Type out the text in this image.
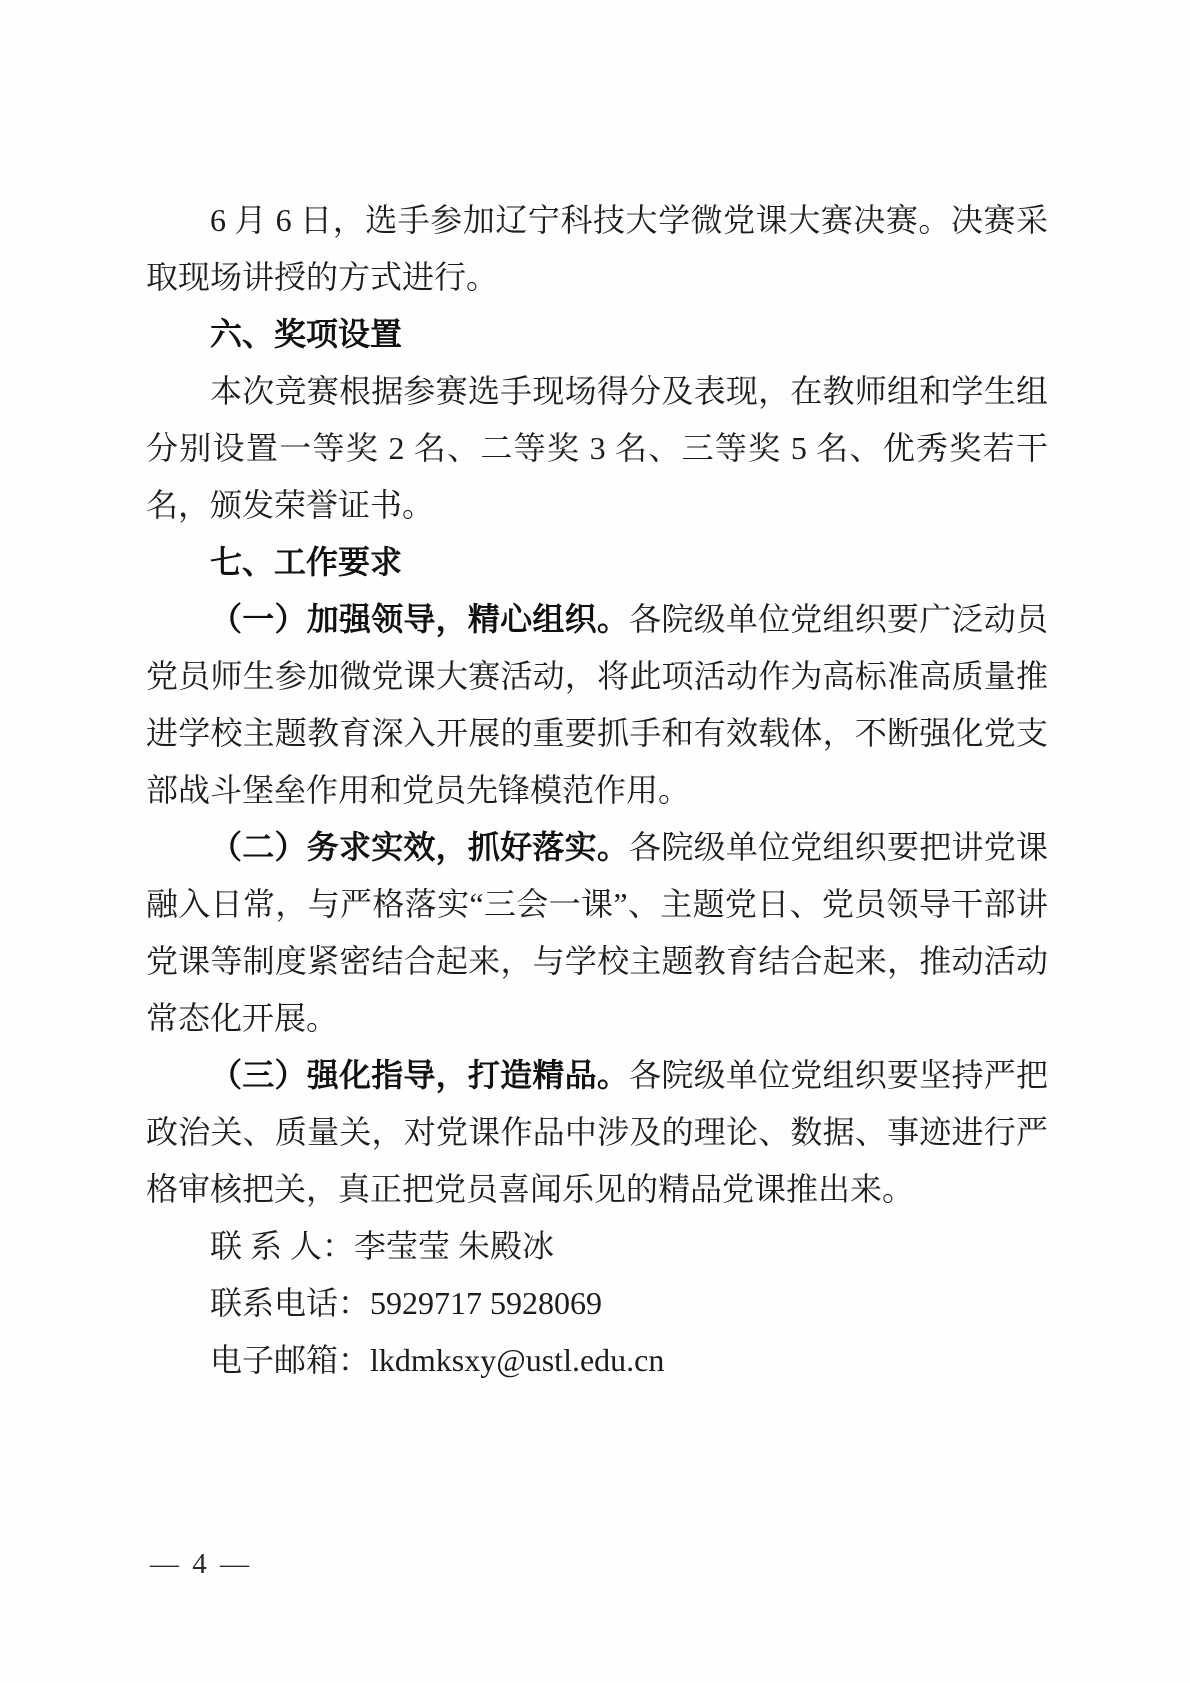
6 月 6 日，选手参加辽宁科技大学微党课大赛决赛。决赛采取现场讲授的方式进行。

六、奖项设置

本次竞赛根据参赛选手现场得分及表现，在教师组和学生组分别设置一等奖 2 名、二等奖 3 名、三等奖 5 名、优秀奖若干名，颁发荣誉证书。

七、工作要求

（一）加强领导，精心组织。各院级单位党组织要广泛动员党员师生参加微党课大赛活动，将此项活动作为高标准高质量推进学校主题教育深入开展的重要抓手和有效载体，不断强化党支部战斗堡垒作用和党员先锋模范作用。

（二）务求实效，抓好落实。各院级单位党组织要把讲党课融入日常，与严格落实“三会一课”、主题党日、党员领导干部讲党课等制度紧密结合起来，与学校主题教育结合起来，推动活动常态化开展。

（三）强化指导，打造精品。各院级单位党组织要坚持严把政治关、质量关，对党课作品中涉及的理论、数据、事迹进行严格审核把关，真正把党员喜闻乐见的精品党课推出来。

联 系 人：李莹莹 朱殿冰

联系电话：5929717 5928069

电子邮箱：lkdmksxy@ustl.edu.cn

— 4 —
